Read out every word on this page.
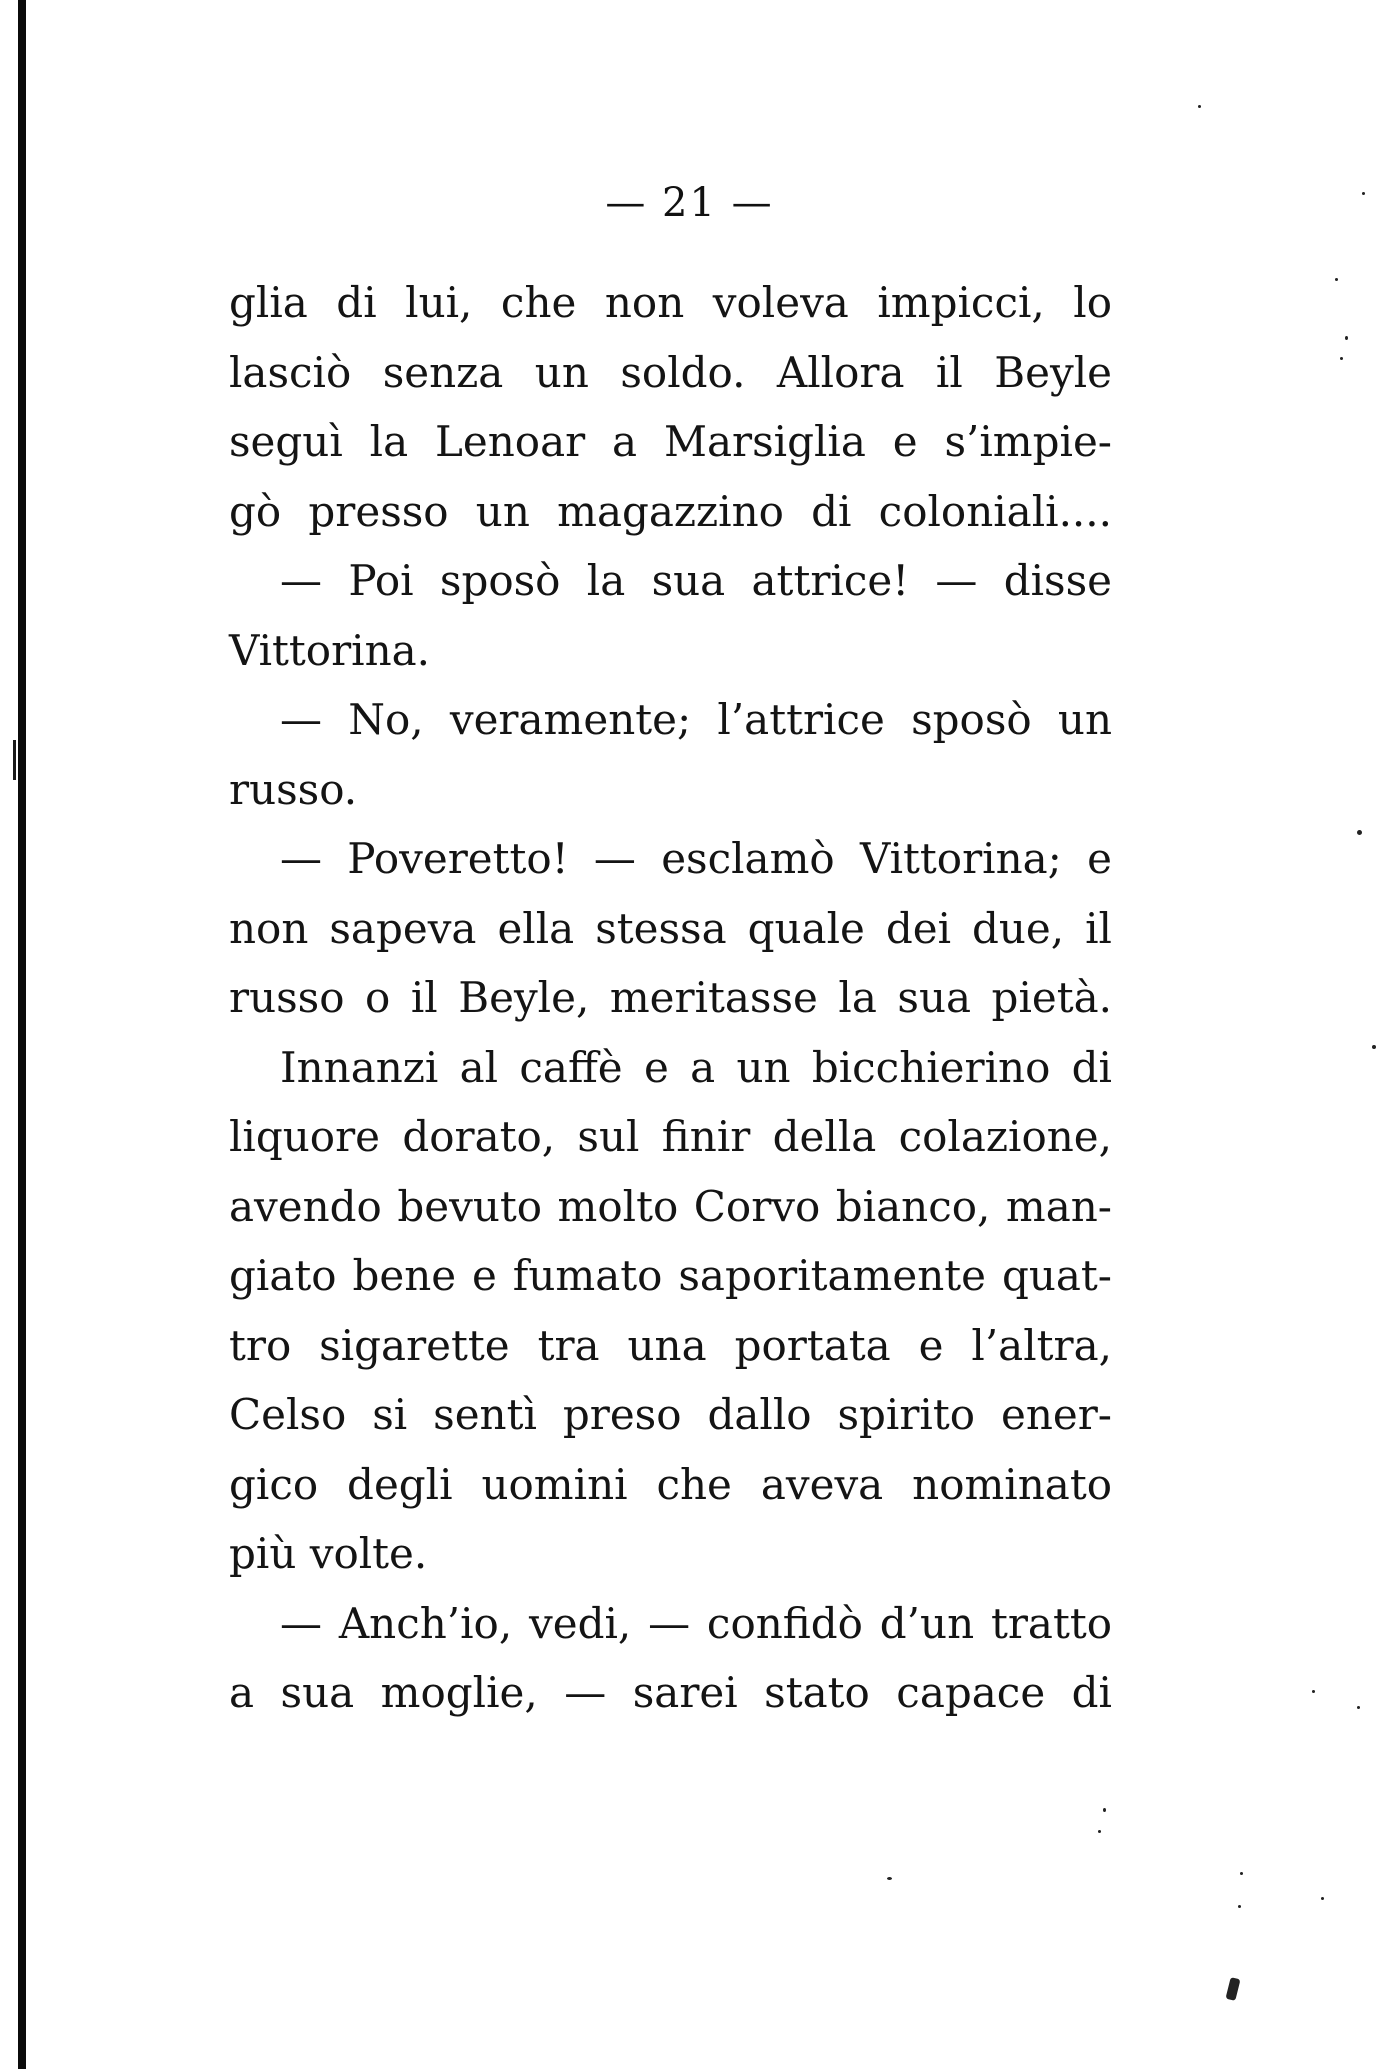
— 21 —
glia di lui, che non voleva impicci, lo
lasciò senza un soldo. Allora il Beyle
seguì la Lenoar a Marsiglia e s’impie-
gò presso un magazzino di coloniali....
— Poi sposò la sua attrice! — disse
Vittorina.
— No, veramente; l’attrice sposò un
russo.
— Poveretto! — esclamò Vittorina; e
non sapeva ella stessa quale dei due, il
russo o il Beyle, meritasse la sua pietà.
Innanzi al caffè e a un bicchierino di
liquore dorato, sul finir della colazione,
avendo bevuto molto Corvo bianco, man-
giato bene e fumato saporitamente quat-
tro sigarette tra una portata e l’altra,
Celso si sentì preso dallo spirito ener-
gico degli uomini che aveva nominato
più volte.
— Anch’io, vedi, — confidò d’un tratto
a sua moglie, — sarei stato capace di
